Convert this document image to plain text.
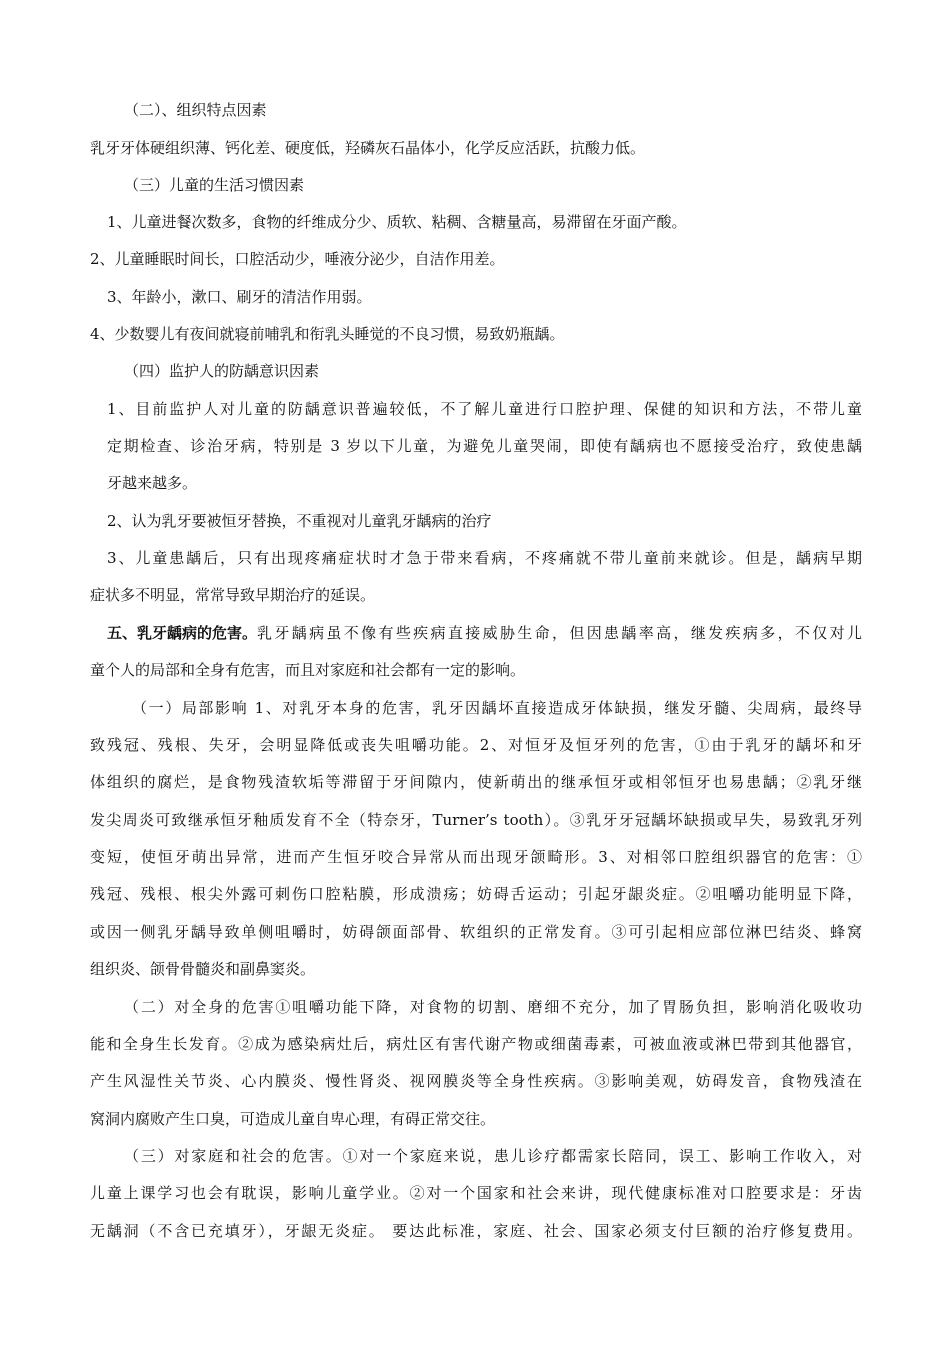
（二）、组织特点因素
乳牙牙体硬组织薄、钙化差、硬度低，羟磷灰石晶体小，化学反应活跃，抗酸力低。
（三）儿童的生活习惯因素
1、儿童进餐次数多，食物的纤维成分少、质软、粘稠、含糖量高，易滞留在牙面产酸。
2、儿童睡眠时间长，口腔活动少，唾液分泌少，自洁作用差。
3、年龄小，漱口、刷牙的清洁作用弱。
4、少数婴儿有夜间就寝前哺乳和衔乳头睡觉的不良习惯，易致奶瓶龋。
（四）监护人的防龋意识因素
1、目前监护人对儿童的防龋意识普遍较低，不了解儿童进行口腔护理、保健的知识和方法，不带儿童
定期检查、诊治牙病，特别是 3 岁以下儿童，为避免儿童哭闹，即使有龋病也不愿接受治疗，致使患龋
牙越来越多。
2、认为乳牙要被恒牙替换，不重视对儿童乳牙龋病的治疗
3、儿童患龋后，只有出现疼痛症状时才急于带来看病，不疼痛就不带儿童前来就诊。但是，龋病早期
症状多不明显，常常导致早期治疗的延误。
五、乳牙龋病的危害。 乳牙龋病虽不像有些疾病直接威胁生命，但因患龋率高，继发疾病多，不仅对儿
童个人的局部和全身有危害，而且对家庭和社会都有一定的影响。
（一）局部影响 1、对乳牙本身的危害，乳牙因龋坏直接造成牙体缺损，继发牙髓、尖周病，最终导
致残冠、残根、失牙，会明显降低或丧失咀嚼功能。2、对恒牙及恒牙列的危害，①由于乳牙的龋坏和牙
体组织的腐烂，是食物残渣软垢等滞留于牙间隙内，使新萌出的继承恒牙或相邻恒牙也易患龋；②乳牙继
发尖周炎可致继承恒牙釉质发育不全（特奈牙，Turner’s tooth）。③乳牙牙冠龋坏缺损或早失，易致乳牙列
变短，使恒牙萌出异常，进而产生恒牙咬合异常从而出现牙颌畸形。3、对相邻口腔组织器官的危害：①
残冠、残根、根尖外露可刺伤口腔粘膜，形成溃疡；妨碍舌运动；引起牙龈炎症。②咀嚼功能明显下降，
或因一侧乳牙龋导致单侧咀嚼时，妨碍颌面部骨、软组织的正常发育。③可引起相应部位淋巴结炎、蜂窝
组织炎、颌骨骨髓炎和副鼻窦炎。
（二）对全身的危害①咀嚼功能下降，对食物的切割、磨细不充分，加了胃肠负担，影响消化吸收功
能和全身生长发育。②成为感染病灶后，病灶区有害代谢产物或细菌毒素，可被血液或淋巴带到其他器官，
产生风湿性关节炎、心内膜炎、慢性肾炎、视网膜炎等全身性疾病。③影响美观，妨碍发音，食物残渣在
窝洞内腐败产生口臭，可造成儿童自卑心理，有碍正常交往。
（三）对家庭和社会的危害。①对一个家庭来说，患儿诊疗都需家长陪同，误工、影响工作收入，对
儿童上课学习也会有耽误，影响儿童学业。②对一个国家和社会来讲，现代健康标准对口腔要求是：牙齿
无龋洞（不含已充填牙），牙龈无炎症。 要达此标准，家庭、社会、国家必须支付巨额的治疗修复费用。
